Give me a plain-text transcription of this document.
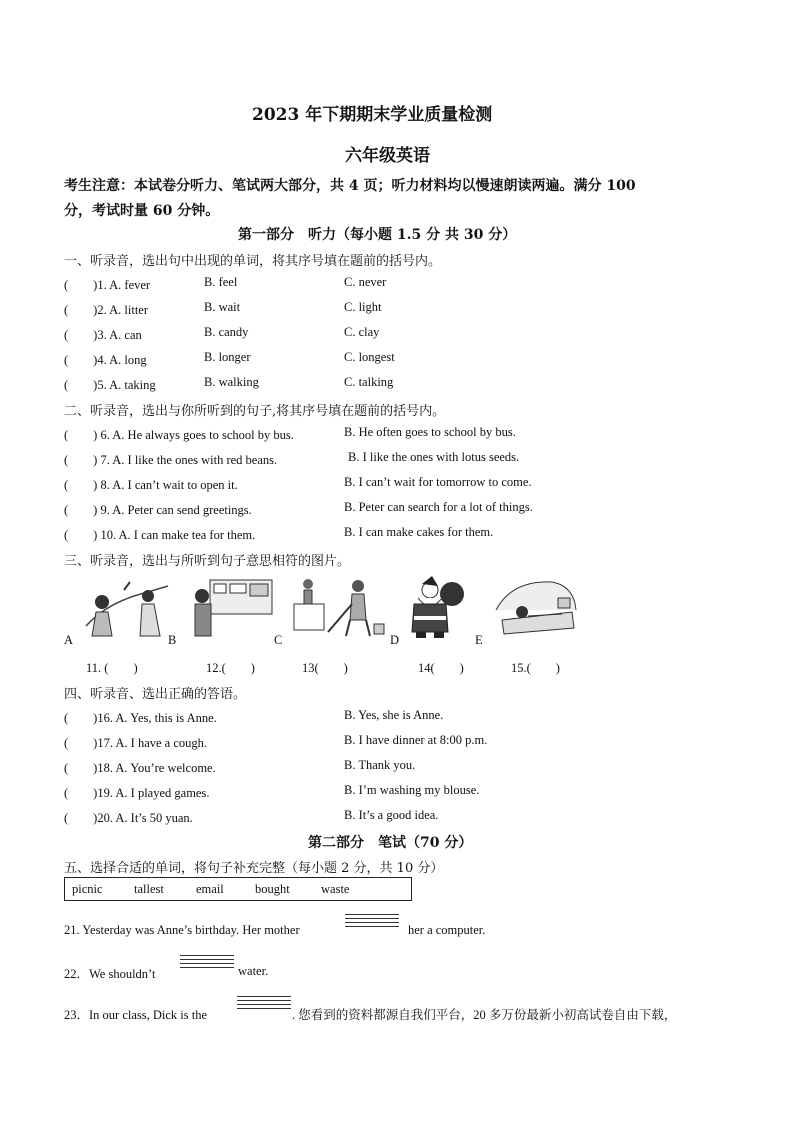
2023 年下期期末学业质量检测
六年级英语
考生注意：本试卷分听力、笔试两大部分，共 4 页；听力材料均以慢速朗读两遍。满分 100
分，考试时量 60 分钟。
第一部分　听力（每小题 1.5 分 共 30 分）
一、听录音，选出句中出现的单词，将其序号填在题前的括号内。
(　　)1. A. fever	B. feel	C. never
(　　)2. A. litter	B. wait	C. light
(　　)3. A. can	B. candy	C. clay
(　　)4. A. long	B. longer	C. longest
(　　)5. A. taking	B. walking	C. talking
二、听录音，选出与你所听到的句子,将其序号填在题前的括号内。
(　　) 6. A. He always goes to school by bus.	B. He often goes to school by bus.
(　　) 7. A. I like the ones with red beans.	B. I like the ones with lotus seeds.
(　　) 8. A. I can’t wait to open it.	B. I can’t wait for tomorrow to come.
(　　) 9. A. Peter can send greetings.	B. Peter can search for a lot of things.
(　　) 10. A. I can make tea for them.	B. I can make cakes for them.
三、听录音，选出与所听到句子意思相符的图片。
A	B	C	D	E
11. (　　)	12.(　　)	13(　　)	14(　　)	15.(　　)
四、听录音、选出正确的答语。
(　　)16. A. Yes, this is Anne.	B. Yes, she is Anne.
(　　)17. A. I have a cough.	B. I have dinner at 8:00 p.m.
(　　)18. A. You’re welcome.	B. Thank you.
(　　)19. A. I played games.	B. I’m washing my blouse.
(　　)20. A. It’s 50 yuan.	B. It’s a good idea.
第二部分　笔试（70 分）
五、选择合适的单词，将句子补充完整（每小题 2 分，共 10 分）
picnic	tallest	email bought	waste
21. Yesterday was Anne’s birthday. Her mother	her a computer.
22．We shouldn’t	water.
23．In our class, Dick is the	. 您看到的资料都源自我们平台，20 多万份最新小初高试卷自由下载，
